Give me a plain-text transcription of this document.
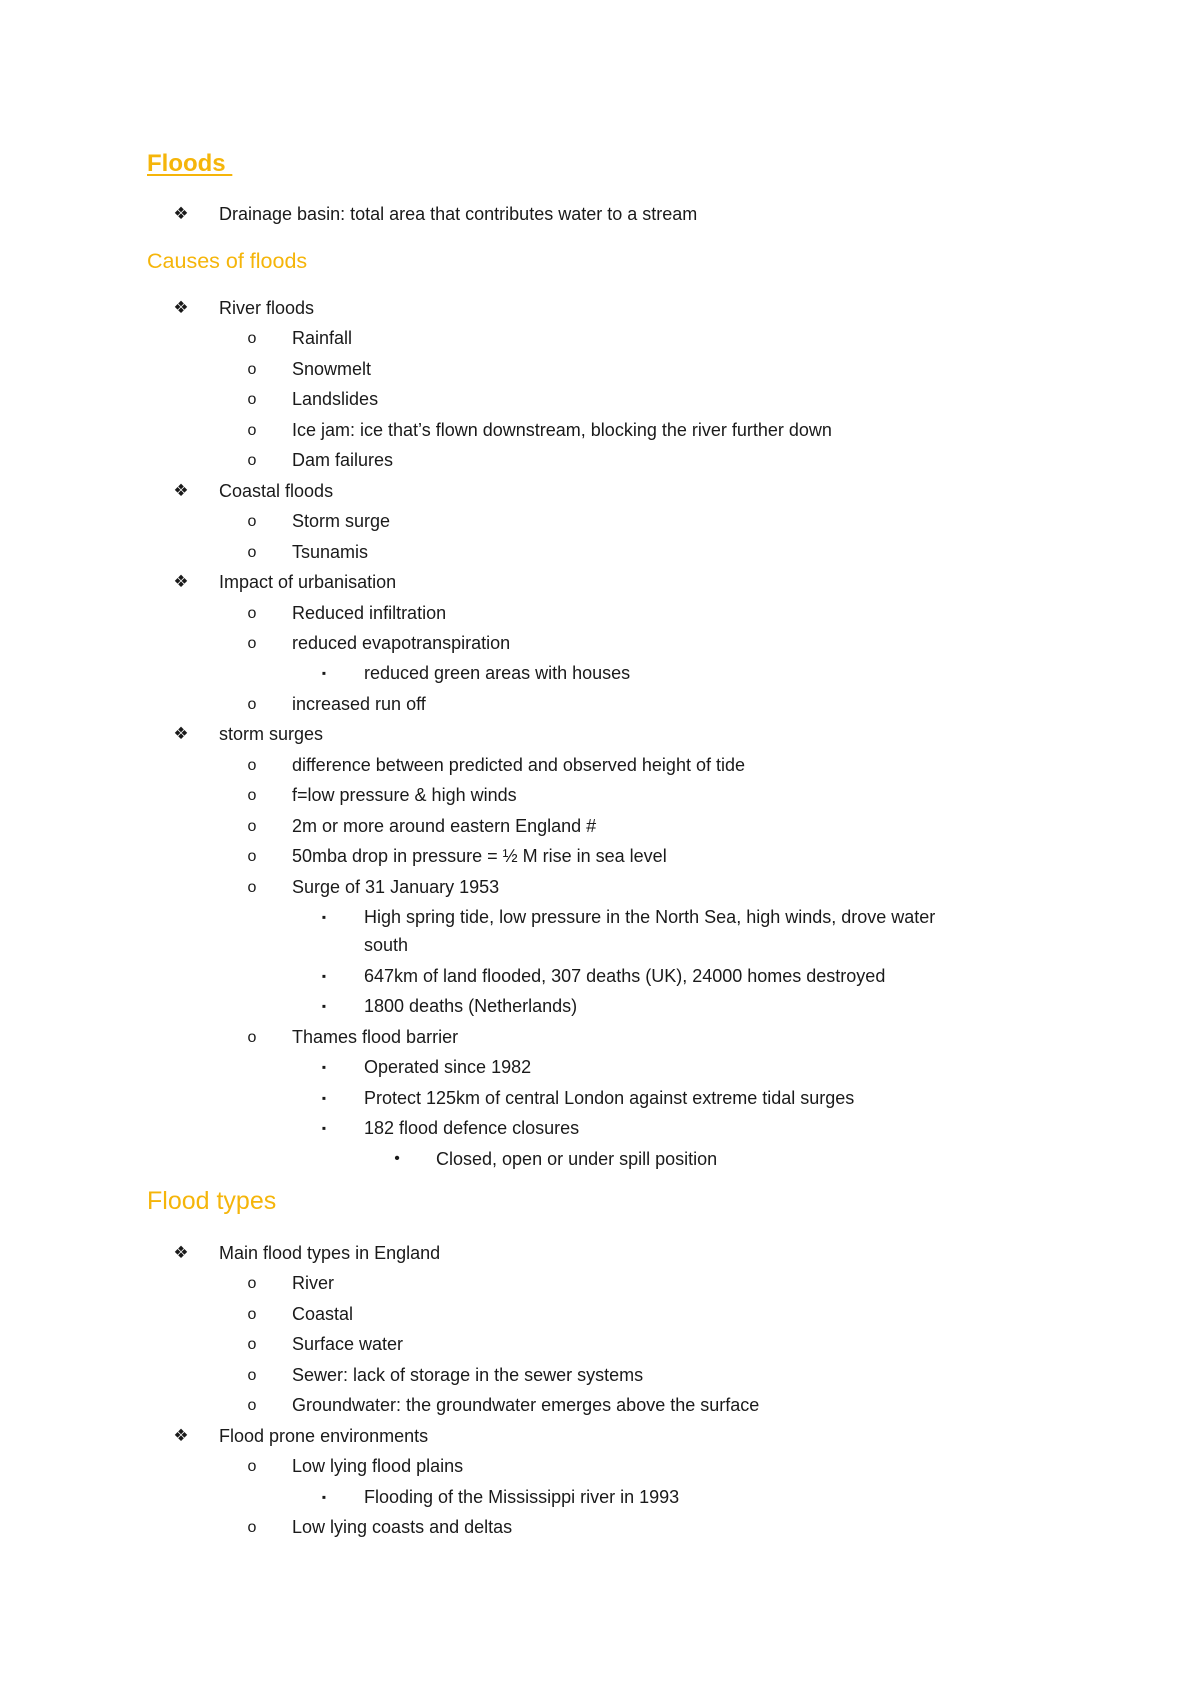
Floods
❖ Drainage basin: total area that contributes water to a stream
Causes of floods
❖ River floods
o	Rainfall
o	Snowmelt
o	Landslides
o	Ice jam: ice that’s flown downstream, blocking the river further down
o	Dam failures
❖ Coastal floods
o	Storm surge
o	Tsunamis
❖ Impact of urbanisation
o	Reduced infiltration
o	reduced evapotranspiration
▪	reduced green areas with houses
o	increased run off
❖ storm surges
o	difference between predicted and observed height of tide
o	f=low pressure & high winds
o	2m or more around eastern England #
o	50mba drop in pressure = ½ M rise in sea level
o	Surge of 31 January 1953
▪	High spring tide, low pressure in the North Sea, high winds, drove water
south
▪	647km of land flooded, 307 deaths (UK), 24000 homes destroyed
▪	1800 deaths (Netherlands)
o	Thames flood barrier
▪	Operated since 1982
▪	Protect 125km of central London against extreme tidal surges
▪	182 flood defence closures
•	Closed, open or under spill position
Flood types
❖ Main flood types in England
o	River
o	Coastal
o	Surface water
o	Sewer: lack of storage in the sewer systems
o	Groundwater: the groundwater emerges above the surface
❖ Flood prone environments
o	Low lying flood plains
▪	Flooding of the Mississippi river in 1993
o	Low lying coasts and deltas
